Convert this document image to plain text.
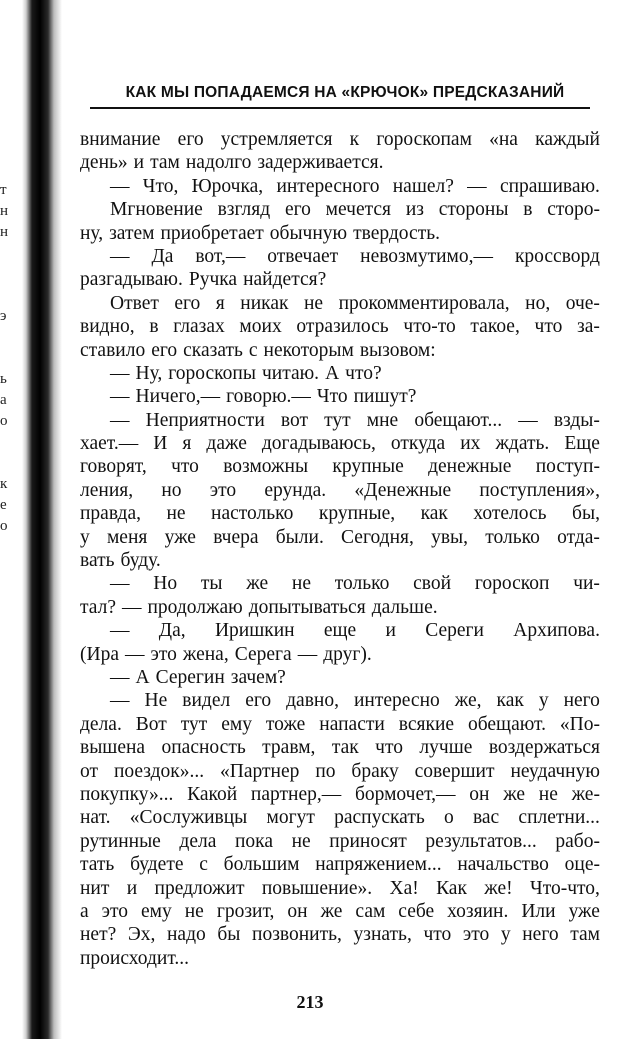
т
н
н
э
ь
а
о
к
е
о
КАК МЫ ПОПАДАЕМСЯ НА «КРЮЧОК» ПРЕДСКАЗАНИЙ
внимание его устремляется к гороскопам «на каждый
день» и там надолго задерживается.
— Что, Юрочка, интересного нашел? — спрашиваю.
Мгновение взгляд его мечется из стороны в сторо-
ну, затем приобретает обычную твердость.
— Да вот,— отвечает невозмутимо,— кроссворд
разгадываю. Ручка найдется?
Ответ его я никак не прокомментировала, но, оче-
видно, в глазах моих отразилось что-то такое, что за-
ставило его сказать с некоторым вызовом:
— Ну, гороскопы читаю. А что?
— Ничего,— говорю.— Что пишут?
— Неприятности вот тут мне обещают... — взды-
хает.— И я даже догадываюсь, откуда их ждать. Еще
говорят, что возможны крупные денежные поступ-
ления, но это ерунда. «Денежные поступления»,
правда, не настолько крупные, как хотелось бы,
у меня уже вчера были. Сегодня, увы, только отда-
вать буду.
— Но ты же не только свой гороскоп чи-
тал? — продолжаю допытываться дальше.
— Да, Иришкин еще и Сереги Архипова.
(Ира — это жена, Серега — друг).
— А Серегин зачем?
— Не видел его давно, интересно же, как у него
дела. Вот тут ему тоже напасти всякие обещают. «По-
вышена опасность травм, так что лучше воздержаться
от поездок»... «Партнер по браку совершит неудачную
покупку»... Какой партнер,— бормочет,— он же не же-
нат. «Сослуживцы могут распускать о вас сплетни...
рутинные дела пока не приносят результатов... рабо-
тать будете с большим напряжением... начальство оце-
нит и предложит повышение». Ха! Как же! Что-что,
а это ему не грозит, он же сам себе хозяин. Или уже
нет? Эх, надо бы позвонить, узнать, что это у него там
происходит...
213
